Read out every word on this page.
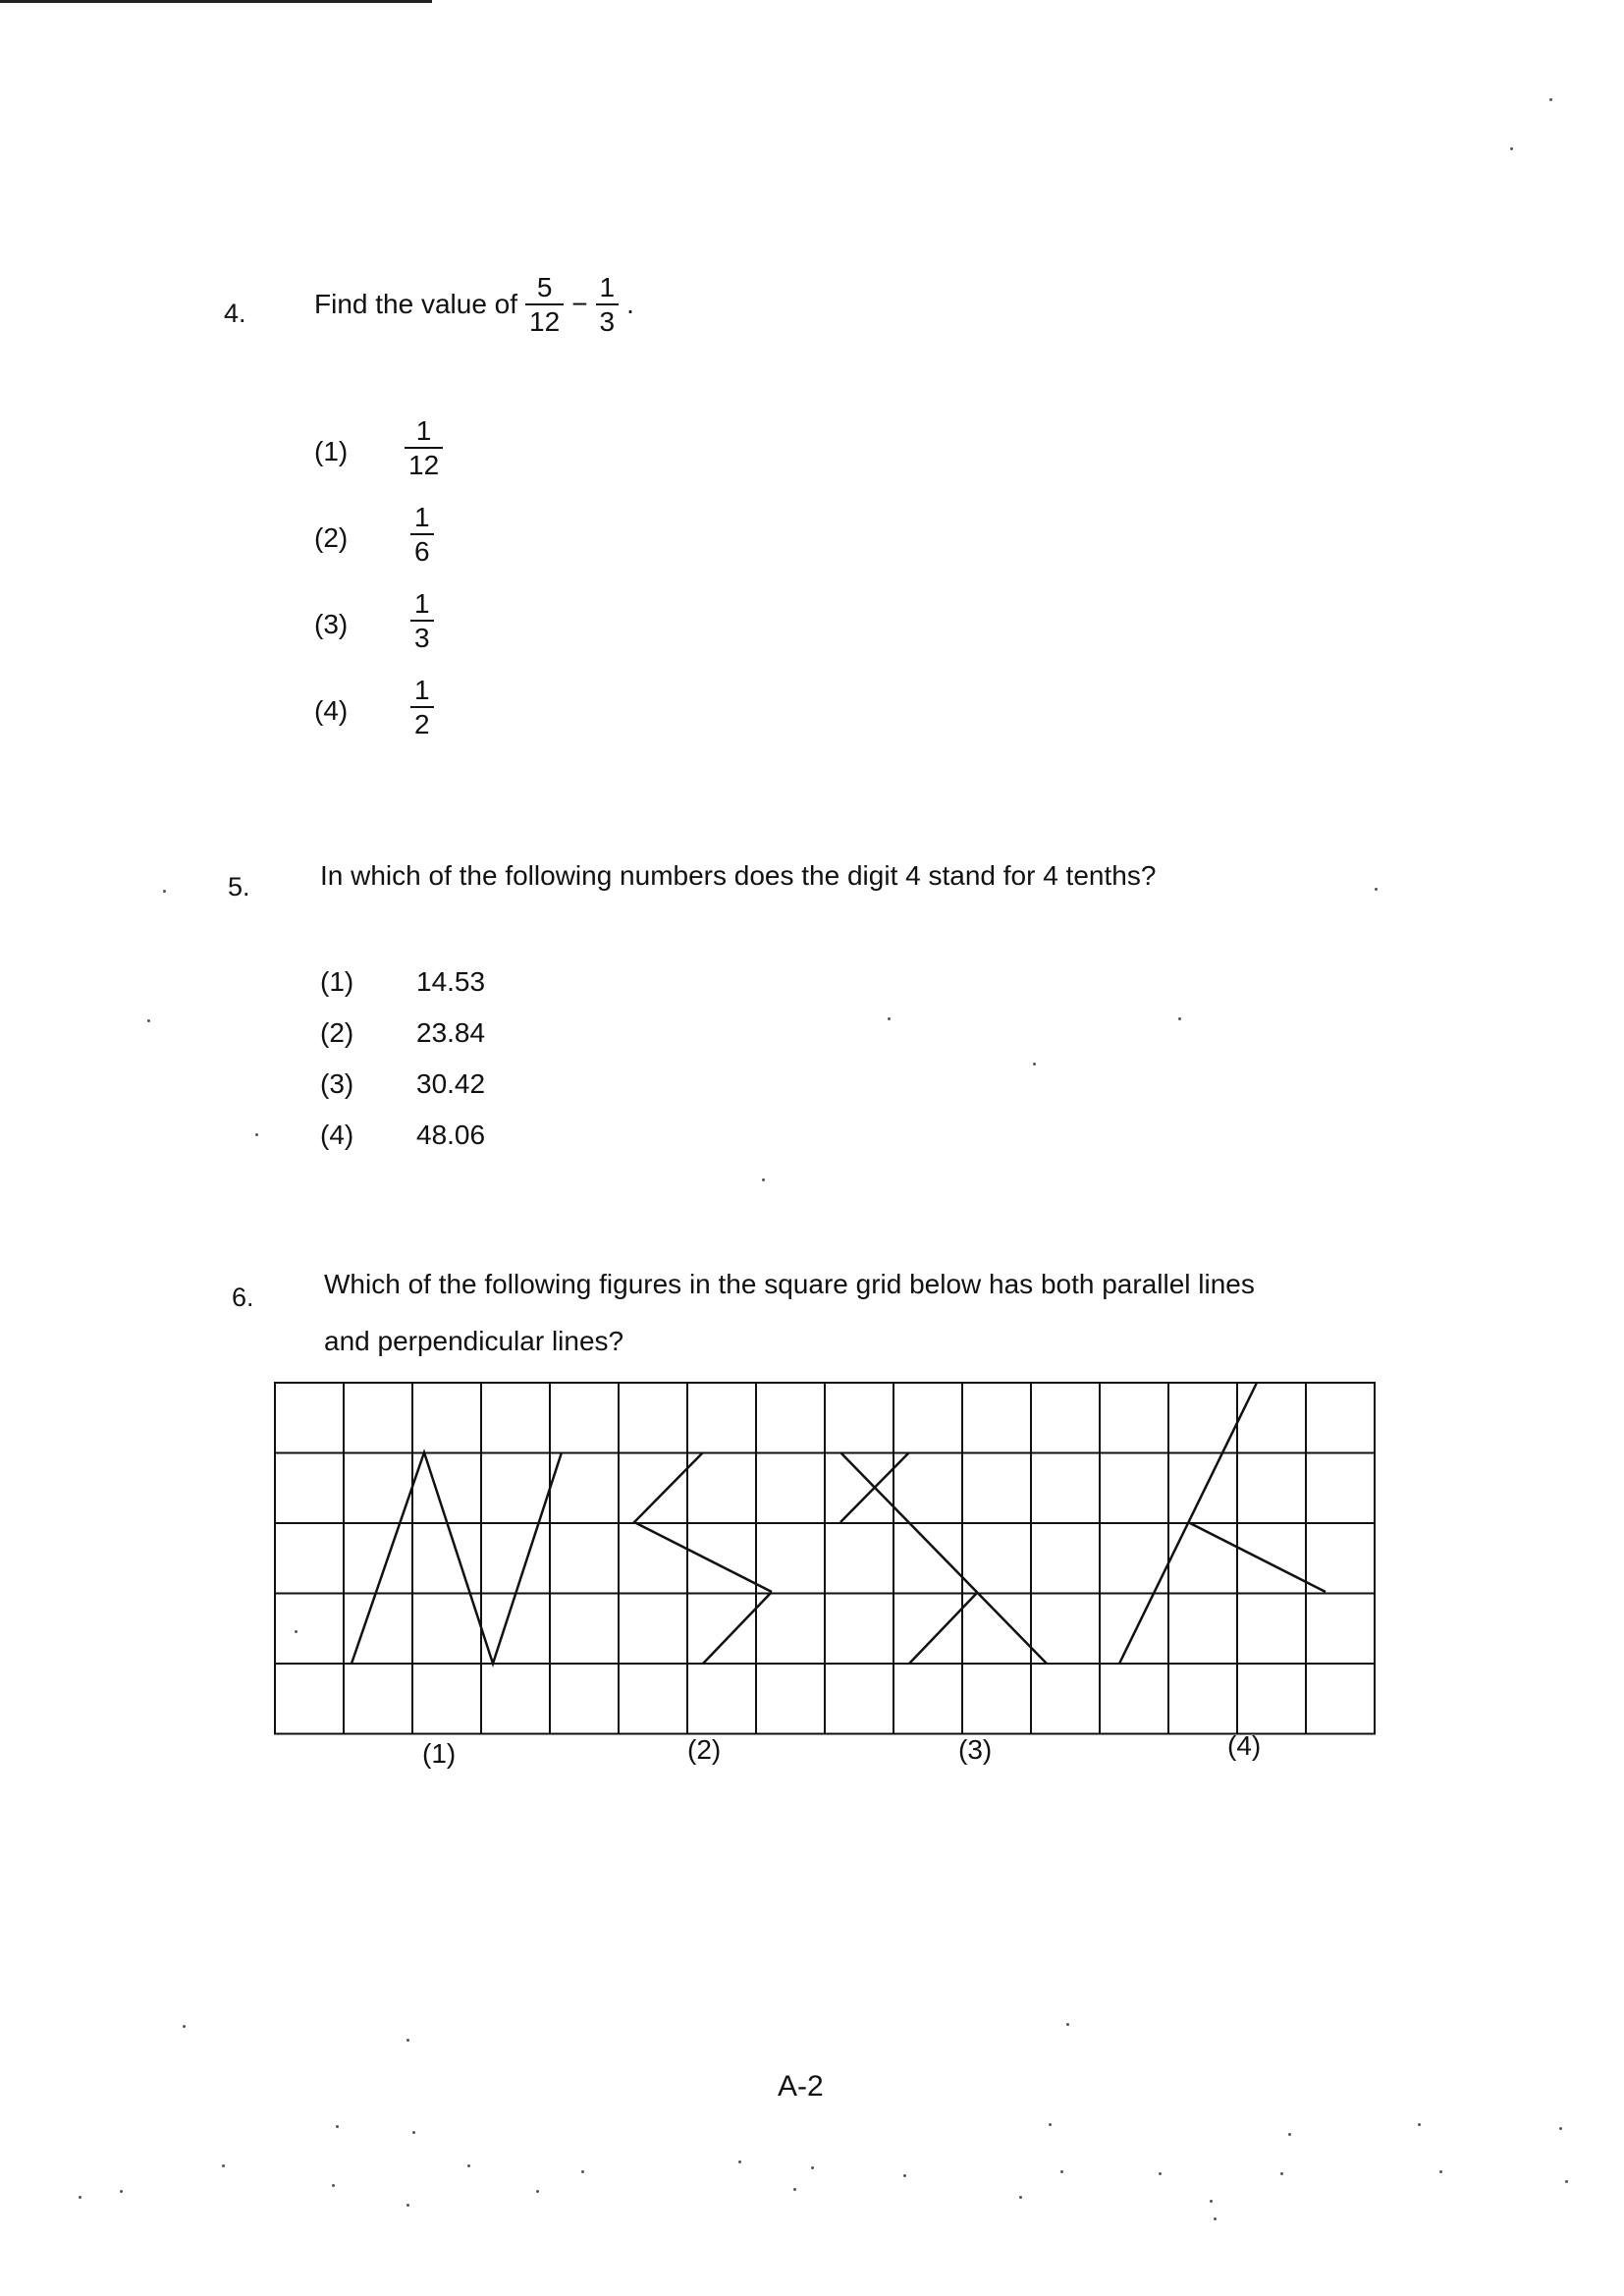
4. Find the value of $\frac{5}{12} - \frac{1}{3}$ .
$(1) \frac{1}{12}$
$(2) \frac{1}{6}$
$(3) \frac{1}{3}$
$(4) \frac{1}{2}$
5.	In which of the following numbers does the digit 4 stand for 4 tenths?
(1) 14.53
(2) 23.84
(3) 30.42
(4) 48.06
6.	Which of the following figures in the square grid below has both parallel lines
and perpendicular lines?
(1)	(2)	(3)	(4)
A-2
